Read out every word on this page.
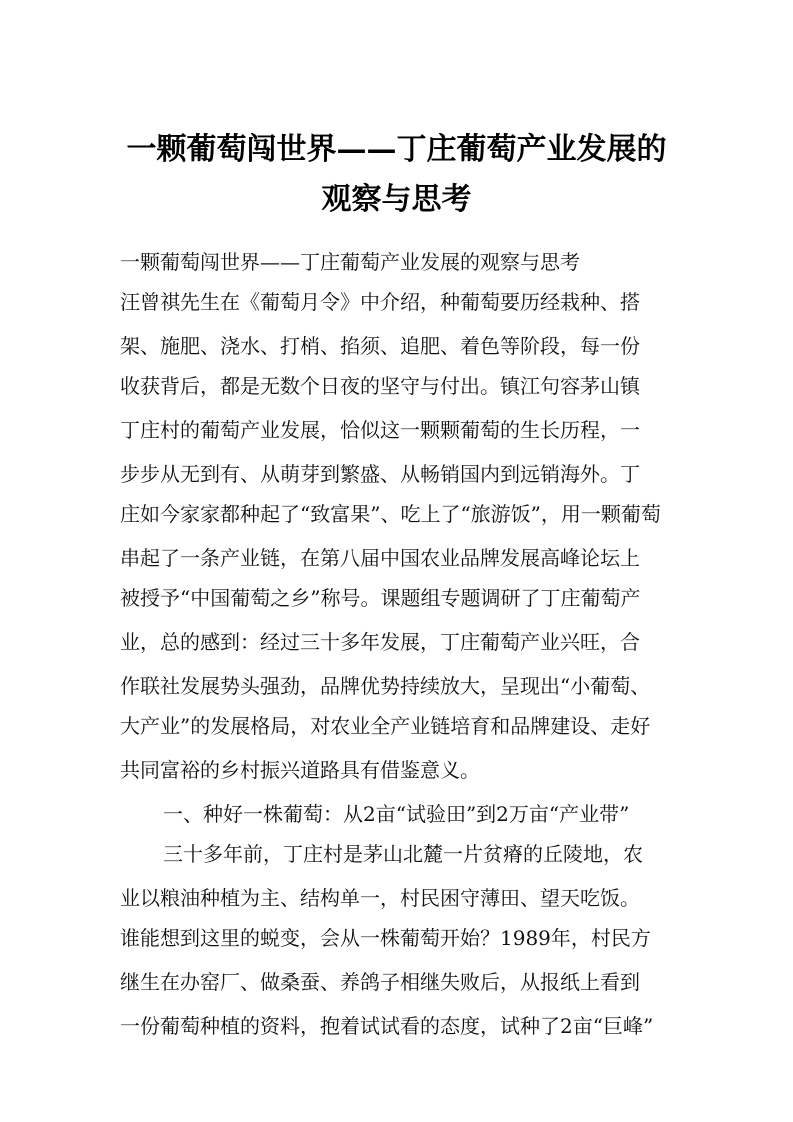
一颗葡萄闯世界——丁庄葡萄产业发展的
观察与思考
一颗葡萄闯世界——丁庄葡萄产业发展的观察与思考
汪曾祺先生在《葡萄月令》中介绍，种葡萄要历经栽种、搭
架、施肥、浇水、打梢、掐须、追肥、着色等阶段，每一份
收获背后，都是无数个日夜的坚守与付出。镇江句容茅山镇
丁庄村的葡萄产业发展，恰似这一颗颗葡萄的生长历程，一
步步从无到有、从萌芽到繁盛、从畅销国内到远销海外。丁
庄如今家家都种起了“致富果”、吃上了“旅游饭”，用一颗葡萄
串起了一条产业链，在第八届中国农业品牌发展高峰论坛上
被授予“中国葡萄之乡”称号。课题组专题调研了丁庄葡萄产
业，总的感到：经过三十多年发展，丁庄葡萄产业兴旺，合
作联社发展势头强劲，品牌优势持续放大，呈现出“小葡萄、
大产业”的发展格局，对农业全产业链培育和品牌建设、走好
共同富裕的乡村振兴道路具有借鉴意义。
一、种好一株葡萄：从2亩“试验田”到2万亩“产业带”
三十多年前，丁庄村是茅山北麓一片贫瘠的丘陵地，农
业以粮油种植为主、结构单一，村民困守薄田、望天吃饭。
谁能想到这里的蜕变，会从一株葡萄开始？1989年，村民方
继生在办窑厂、做桑蚕、养鸽子相继失败后，从报纸上看到
一份葡萄种植的资料，抱着试试看的态度，试种了2亩“巨峰”
